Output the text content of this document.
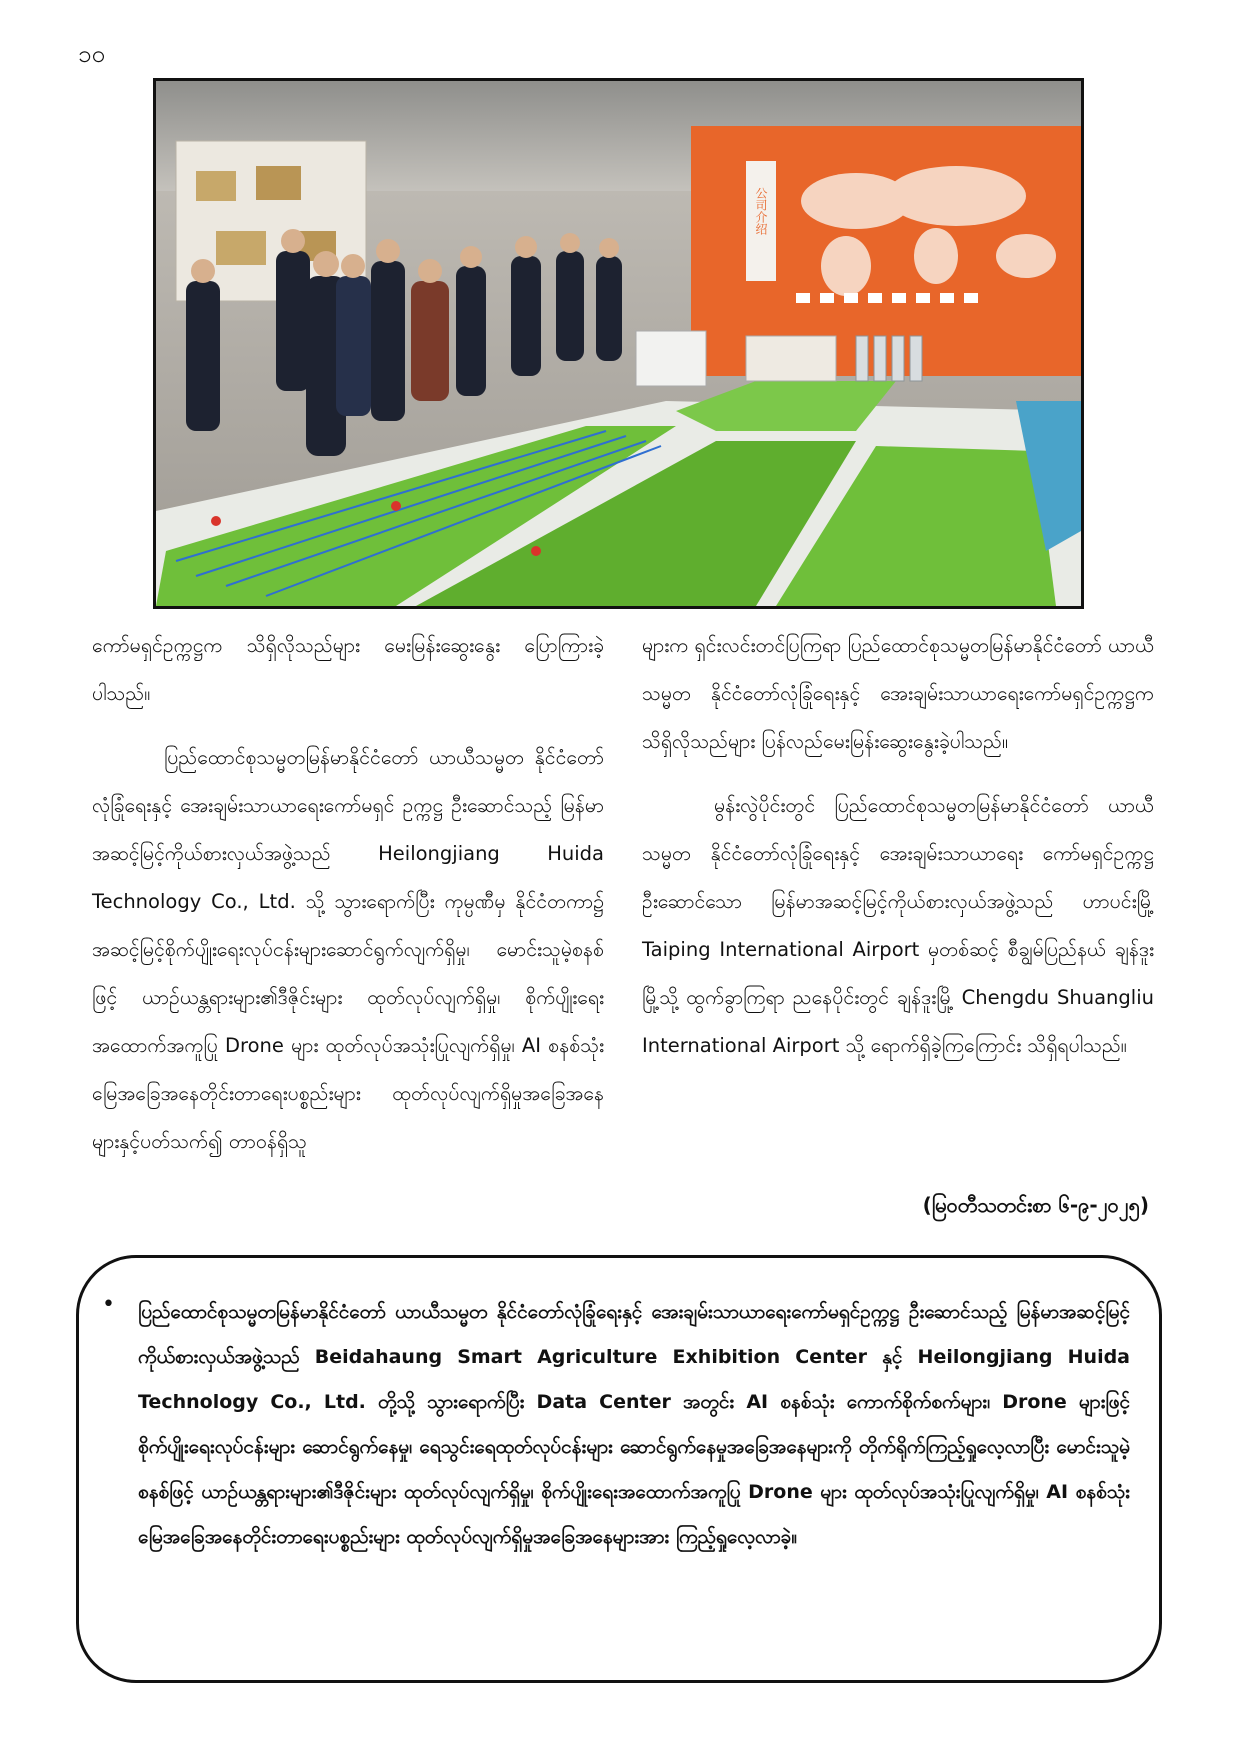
၁၀
公司介绍

ကော်မရှင်ဥက္ကဋ္ဌက သိရှိလိုသည်များ မေးမြန်းဆွေးနွေး ပြောကြားခဲ့ပါသည်။

ပြည်ထောင်စုသမ္မတမြန်မာနိုင်ငံတော် ယာယီသမ္မတ နိုင်ငံတော်လုံခြုံရေးနှင့် အေးချမ်းသာယာရေးကော်မရှင် ဥက္ကဋ္ဌ ဦးဆောင်သည့် မြန်မာအဆင့်မြင့်ကိုယ်စားလှယ်အဖွဲ့သည် Heilongjiang Huida Technology Co., Ltd. သို့ သွားရောက်ပြီး ကုမ္ပဏီမှ နိုင်ငံတကာ၌ အဆင့်မြင့်စိုက်ပျိုးရေးလုပ်ငန်းများဆောင်ရွက်လျက်ရှိမှု၊ မောင်းသူမဲ့စနစ်ဖြင့် ယာဉ်ယန္တရားများ၏ဒီဇိုင်းများ ထုတ်လုပ်လျက်ရှိမှု၊ စိုက်ပျိုးရေးအထောက်အကူပြု Drone များ ထုတ်လုပ်အသုံးပြုလျက်ရှိမှု၊ AI စနစ်သုံး မြေအခြေအနေတိုင်းတာရေးပစ္စည်းများ ထုတ်လုပ်လျက်ရှိမှုအခြေအနေများနှင့်ပတ်သက်၍ တာဝန်ရှိသူ

များက ရှင်းလင်းတင်ပြကြရာ ပြည်ထောင်စုသမ္မတမြန်မာနိုင်ငံတော် ယာယီသမ္မတ နိုင်ငံတော်လုံခြုံရေးနှင့် အေးချမ်းသာယာရေးကော်မရှင်ဥက္ကဋ္ဌက သိရှိလိုသည်များ ပြန်လည်မေးမြန်းဆွေးနွေးခဲ့ပါသည်။

မွန်းလွဲပိုင်းတွင် ပြည်ထောင်စုသမ္မတမြန်မာနိုင်ငံတော် ယာယီသမ္မတ နိုင်ငံတော်လုံခြုံရေးနှင့် အေးချမ်းသာယာရေး ကော်မရှင်ဥက္ကဋ္ဌဦးဆောင်သော မြန်မာအဆင့်မြင့်ကိုယ်စားလှယ်အဖွဲ့သည် ဟာပင်းမြို့ Taiping International Airport မှတစ်ဆင့် စီချွမ်ပြည်နယ် ချန်ဒူးမြို့သို့ ထွက်ခွာကြရာ ညနေပိုင်းတွင် ချန်ဒူးမြို့ Chengdu Shuangliu International Airport သို့ ရောက်ရှိခဲ့ကြကြောင်း သိရှိရပါသည်။

(မြဝတီသတင်းစာ ၆-၉-၂၀၂၅)
• ပြည်ထောင်စုသမ္မတမြန်မာနိုင်ငံတော် ယာယီသမ္မတ နိုင်ငံတော်လုံခြုံရေးနှင့် အေးချမ်းသာယာရေးကော်မရှင်ဥက္ကဋ္ဌ ဦးဆောင်သည့် မြန်မာအဆင့်မြင့်ကိုယ်စားလှယ်အဖွဲ့သည် Beidahaung Smart Agriculture Exhibition Center နှင့် Heilongjiang Huida Technology Co., Ltd. တို့သို့ သွားရောက်ပြီး Data Center အတွင်း AI စနစ်သုံး ကောက်စိုက်စက်များ၊ Drone များဖြင့် စိုက်ပျိုးရေးလုပ်ငန်းများ ဆောင်ရွက်နေမှု၊ ရေသွင်းရေထုတ်လုပ်ငန်းများ ဆောင်ရွက်နေမှုအခြေအနေများကို တိုက်ရိုက်ကြည့်ရှုလေ့လာပြီး မောင်းသူမဲ့စနစ်ဖြင့် ယာဉ်ယန္တရားများ၏ဒီဇိုင်းများ ထုတ်လုပ်လျက်ရှိမှု၊ စိုက်ပျိုးရေးအထောက်အကူပြု Drone များ ထုတ်လုပ်အသုံးပြုလျက်ရှိမှု၊ AI စနစ်သုံး မြေအခြေအနေတိုင်းတာရေးပစ္စည်းများ ထုတ်လုပ်လျက်ရှိမှုအခြေအနေများအား ကြည့်ရှုလေ့လာခဲ့။
